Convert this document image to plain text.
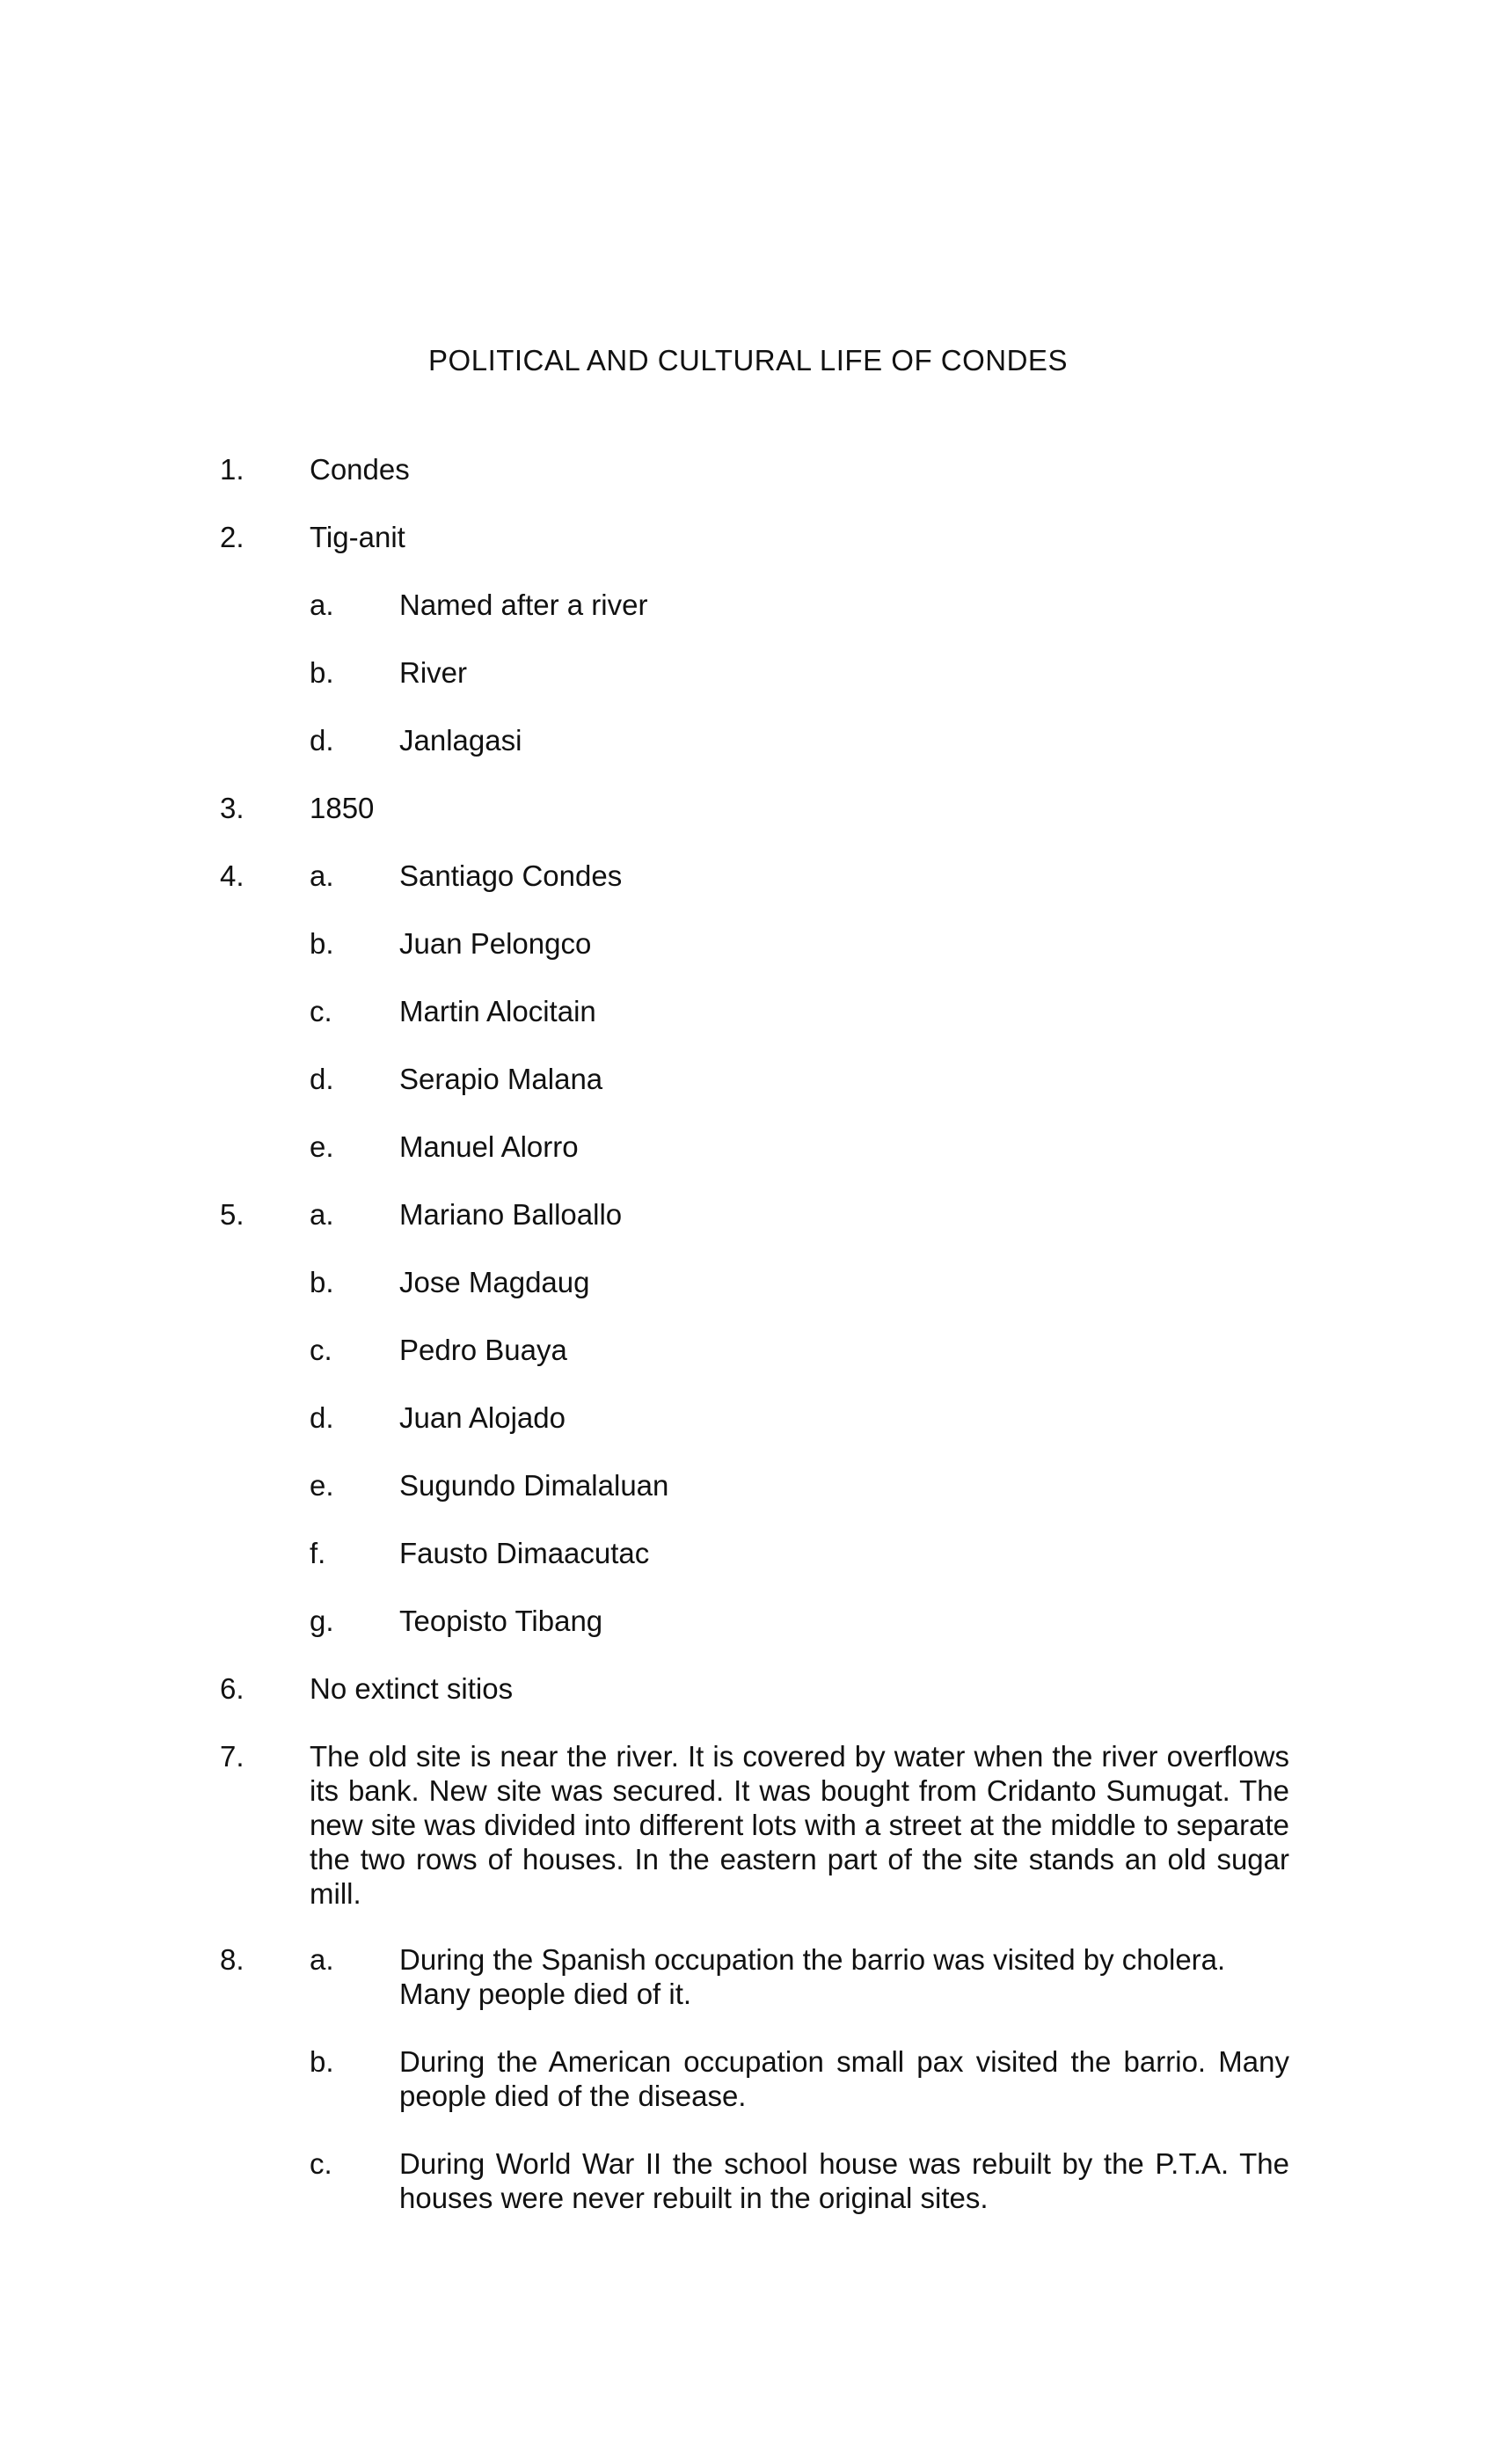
POLITICAL AND CULTURAL LIFE OF CONDES
1. Condes
2. Tig-anit
a. Named after a river
b. River
d. Janlagasi
3. 1850
4. a. Santiago Condes
b. Juan Pelongco
c. Martin Alocitain
d. Serapio Malana
e. Manuel Alorro
5. a. Mariano Balloallo
b. Jose Magdaug
c. Pedro Buaya
d. Juan Alojado
e. Sugundo Dimalaluan
f.	Fausto Dimaacutac
g. Teopisto Tibang
6. No extinct sitios
7. The old site is near the river. It is covered by water when the river overflows its bank. New site was secured. It was bought from Cridanto Sumugat. The new site was divided into different lots with a street at the middle to separate the two rows of houses. In the eastern part of the site stands an old sugar mill.
8. a. During the Spanish occupation the barrio was visited by cholera. Many people died of it.
b. During the American occupation small pax visited the barrio. Many people died of the disease.
c. During World War II the school house was rebuilt by the P.T.A. The houses were never rebuilt in the original sites.
